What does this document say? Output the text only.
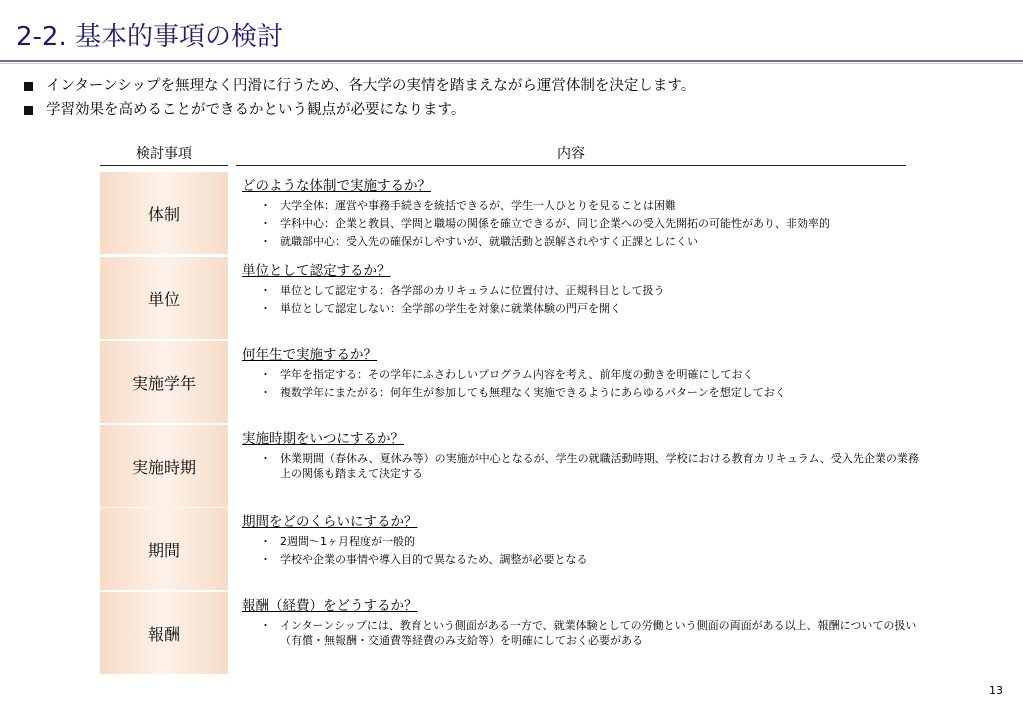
2-2. 基本的事項の検討
インターンシップを無理なく円滑に行うため、各大学の実情を踏まえながら運営体制を決定します。
学習効果を高めることができるかという観点が必要になります。
検討事項	内容
体制
どのような体制で実施するか？
・ 大学全体：運営や事務手続きを統括できるが、学生一人ひとりを見ることは困難
・ 学科中心：企業と教員、学問と職場の関係を確立できるが、同じ企業への受入先開拓の可能性があり、非効率的
・ 就職部中心：受入先の確保がしやすいが、就職活動と誤解されやすく正課としにくい
単位
単位として認定するか？
・ 単位として認定する：各学部のカリキュラムに位置付け、正規科目として扱う
・ 単位として認定しない：全学部の学生を対象に就業体験の門戸を開く
実施学年
何年生で実施するか？
・ 学年を指定する：その学年にふさわしいプログラム内容を考え、前年度の動きを明確にしておく
・ 複数学年にまたがる：何年生が参加しても無理なく実施できるようにあらゆるパターンを想定しておく
実施時期
実施時期をいつにするか？
・ 休業期間（春休み、夏休み等）の実施が中心となるが、学生の就職活動時期、学校における教育カリキュラム、受入先企業の業務上の関係も踏まえて決定する
期間
期間をどのくらいにするか？
・ 2週間～1ヶ月程度が一般的
・ 学校や企業の事情や導入目的で異なるため、調整が必要となる
報酬
報酬（経費）をどうするか？
・ インターンシップには、教育という側面がある一方で、就業体験としての労働という側面の両面がある以上、報酬についての扱い（有償・無報酬・交通費等経費のみ支給等）を明確にしておく必要がある
13
